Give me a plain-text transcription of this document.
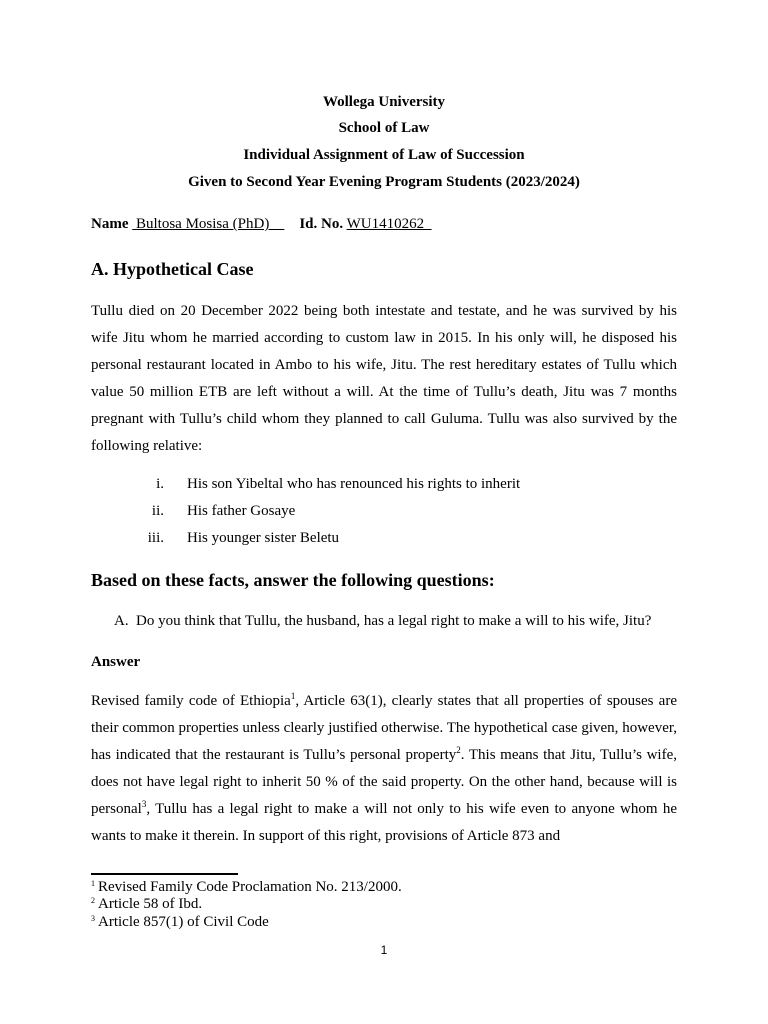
Wollega University
School of Law
Individual Assignment of Law of Succession
Given to Second Year Evening Program Students (2023/2024)
Name  Bultosa Mosisa (PhD)        Id. No. WU1410262
A. Hypothetical Case
Tullu died on 20 December 2022 being both intestate and testate, and he was survived by his wife Jitu whom he married according to custom law in 2015. In his only will, he disposed his personal restaurant located in Ambo to his wife, Jitu. The rest hereditary estates of Tullu which value 50 million ETB are left without a will. At the time of Tullu’s death, Jitu was 7 months pregnant with Tullu’s child whom they planned to call Guluma. Tullu was also survived by the following relative:
i. His son Yibeltal who has renounced his rights to inherit
ii. His father Gosaye
iii. His younger sister Beletu
Based on these facts, answer the following questions:
A. Do you think that Tullu, the husband, has a legal right to make a will to his wife, Jitu?
Answer
Revised family code of Ethiopia$^1$, Article 63(1), clearly states that all properties of spouses are their common properties unless clearly justified otherwise. The hypothetical case given, however, has indicated that the restaurant is Tullu’s personal property$^2$. This means that Jitu, Tullu’s wife, does not have legal right to inherit 50 % of the said property. On the other hand, because will is personal$^3$, Tullu has a legal right to make a will not only to his wife even to anyone whom he wants to make it therein. In support of this right, provisions of Article 873 and
$^1$ Revised Family Code Proclamation No. 213/2000.
$^2$ Article 58 of Ibd.
$^3$ Article 857(1) of Civil Code
1
